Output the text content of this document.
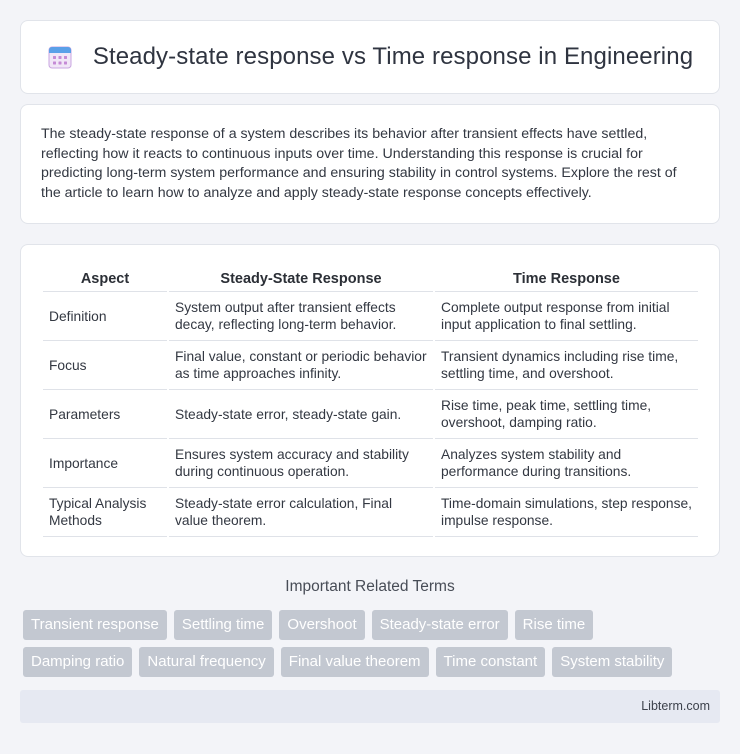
Steady-state response vs Time response in Engineering

The steady-state response of a system describes its behavior after transient effects have settled, reflecting how it reacts to continuous inputs over time. Understanding this response is crucial for predicting long-term system performance and ensuring stability in control systems. Explore the rest of the article to learn how to analyze and apply steady-state response concepts effectively.

Aspect	Steady-State Response	Time Response
Definition	System output after transient effects decay, reflecting long-term behavior.	Complete output response from initial input application to final settling.
Focus	Final value, constant or periodic behavior as time approaches infinity.	Transient dynamics including rise time, settling time, and overshoot.
Parameters	Steady-state error, steady-state gain.	Rise time, peak time, settling time, overshoot, damping ratio.
Importance	Ensures system accuracy and stability during continuous operation.	Analyzes system stability and performance during transitions.
Typical Analysis Methods	Steady-state error calculation, Final value theorem.	Time-domain simulations, step response, impulse response.
Important Related Terms
Transient response	Settling time	Overshoot	Steady-state error	Rise time
Damping ratio	Natural frequency	Final value theorem	Time constant	System stability
Libterm.com
